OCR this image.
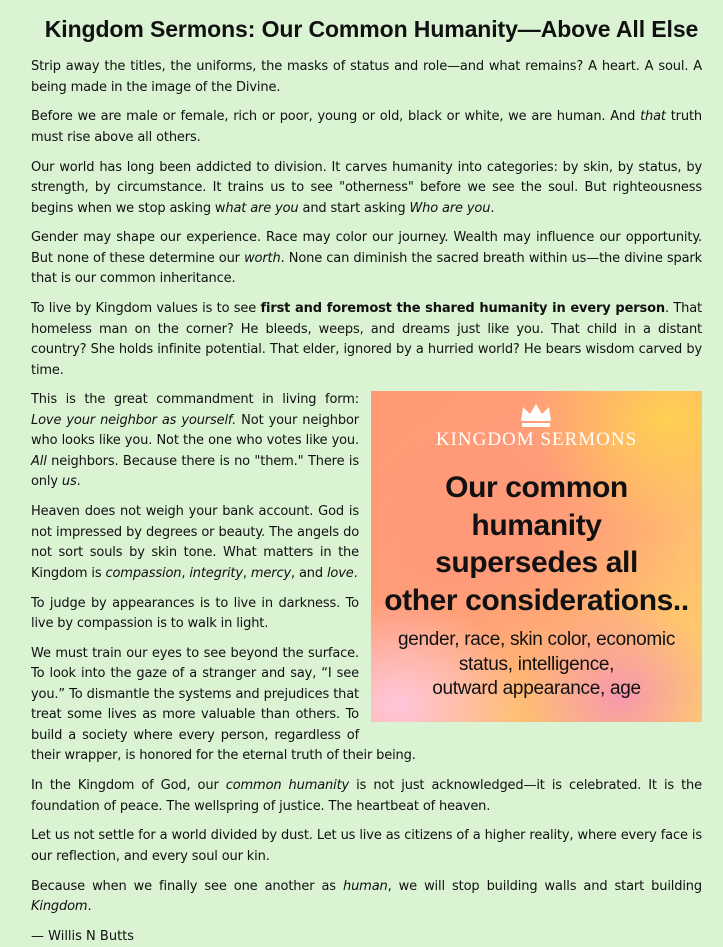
Kingdom Sermons: Our Common Humanity—Above All Else

Strip away the titles, the uniforms, the masks of status and role—and what remains? A heart. A soul. A being made in the image of the Divine.

Before we are male or female, rich or poor, young or old, black or white, we are human. And that truth must rise above all others.

Our world has long been addicted to division. It carves humanity into categories: by skin, by status, by strength, by circumstance. It trains us to see "otherness" before we see the soul. But righteousness begins when we stop asking what are you and start asking Who are you.

Gender may shape our experience. Race may color our journey. Wealth may influence our opportunity. But none of these determine our worth. None can diminish the sacred breath within us—the divine spark that is our common inheritance.

To live by Kingdom values is to see first and foremost the shared humanity in every person. That homeless man on the corner? He bleeds, weeps, and dreams just like you. That child in a distant country? She holds infinite potential. That elder, ignored by a hurried world? He bears wisdom carved by time.

KINGDOM SERMONS
Our common
humanity
supersedes all
other considerations..
gender, race, skin color, economic
status, intelligence,
outward appearance, age

This is the great commandment in living form: Love your neighbor as yourself. Not your neighbor who looks like you. Not the one who votes like you. All neighbors. Because there is no "them." There is only us.

Heaven does not weigh your bank account. God is not impressed by degrees or beauty. The angels do not sort souls by skin tone. What matters in the Kingdom is compassion, integrity, mercy, and love.

To judge by appearances is to live in darkness. To live by compassion is to walk in light.

We must train our eyes to see beyond the surface. To look into the gaze of a stranger and say, “I see you.” To dismantle the systems and prejudices that treat some lives as more valuable than others. To build a society where every person, regardless of their wrapper, is honored for the eternal truth of their being.

In the Kingdom of God, our common humanity is not just acknowledged—it is celebrated. It is the foundation of peace. The wellspring of justice. The heartbeat of heaven.

Let us not settle for a world divided by dust. Let us live as citizens of a higher reality, where every face is our reflection, and every soul our kin.

Because when we finally see one another as human, we will stop building walls and start building Kingdom.

— Willis N Butts
